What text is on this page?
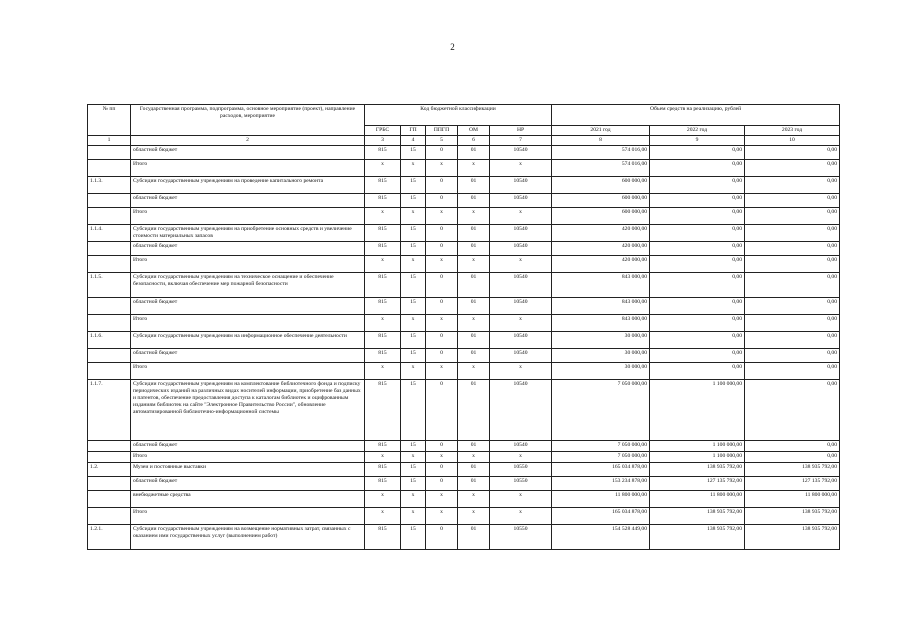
2
№ пп	Государственная программа, подпрограмма, основное мероприятие (проект), направление расходов, мероприятие	Код бюджетной классификации					Объем средств на реализацию, рублей		
		ГРБС	ГП	ППГП	ОМ	НР	2021 год	2022 год	2023 год
1	2	3	4	5	6	7	8	9	10
	областной бюджет	815	15	0	01	10540	574 016,00	0,00	0,00
	Итого	х	х	х	х	х	574 016,00	0,00	0,00
1.1.3.	Субсидии государственным учреждениям на проведение капитального ремонта	815	15	0	01	10540	600 000,00	0,00	0,00
	областной бюджет	815	15	0	01	10540	600 000,00	0,00	0,00
	Итого	х	х	х	х	х	600 000,00	0,00	0,00
1.1.4.	Субсидии государственным учреждениям на приобретение основных средств и увеличение стоимости материальных запасов	815	15	0	01	10540	420 000,00	0,00	0,00
	областной бюджет	815	15	0	01	10540	420 000,00	0,00	0,00
	Итого	х	х	х	х	х	420 000,00	0,00	0,00
1.1.5.	Субсидии государственным учреждениям на техническое оснащение и обеспечение безопасности, включая обеспечение мер пожарной безопасности	815	15	0	01	10540	843 000,00	0,00	0,00
	областной бюджет	815	15	0	01	10540	843 000,00	0,00	0,00
	Итого	х	х	х	х	х	843 000,00	0,00	0,00
1.1.6.	Субсидии государственным учреждениям на информационное обеспечение деятельности	815	15	0	01	10540	30 000,00	0,00	0,00
	областной бюджет	815	15	0	01	10540	30 000,00	0,00	0,00
	Итого	х	х	х	х	х	30 000,00	0,00	0,00
1.1.7.	Субсидии государственным учреждениям на комплектование библиотечного фонда и подписку периодических изданий на различных видах носителей информации, приобретение баз данных и патентов, обеспечение предоставления доступа к каталогам библиотек и оцифрованным изданиям библиотек на сайте "Электронное Правительство России", обновление автоматизированной библиотечно-информационной системы	815	15	0	01	10540	7 050 000,00	1 100 000,00	0,00
	областной бюджет	815	15	0	01	10540	7 050 000,00	1 100 000,00	0,00
	Итого	х	х	х	х	х	7 050 000,00	1 100 000,00	0,00
1.2.	Музеи и постоянные выставки	815	15	0	01	10550	165 034 878,00	138 935 792,00	138 935 792,00
	областной бюджет	815	15	0	01	10550	153 234 878,00	127 135 792,00	127 135 792,00
	внебюджетные средства	х	х	х	х	х	11 800 000,00	11 800 000,00	11 800 000,00
	Итого	х	х	х	х	х	165 034 878,00	138 935 792,00	138 935 792,00
1.2.1.	Субсидии государственным учреждениям на возмещение нормативных затрат, связанных с оказанием ими государственных услуг (выполнением работ)	815	15	0	01	10550	154 528 449,00	138 935 792,00	138 935 792,00
